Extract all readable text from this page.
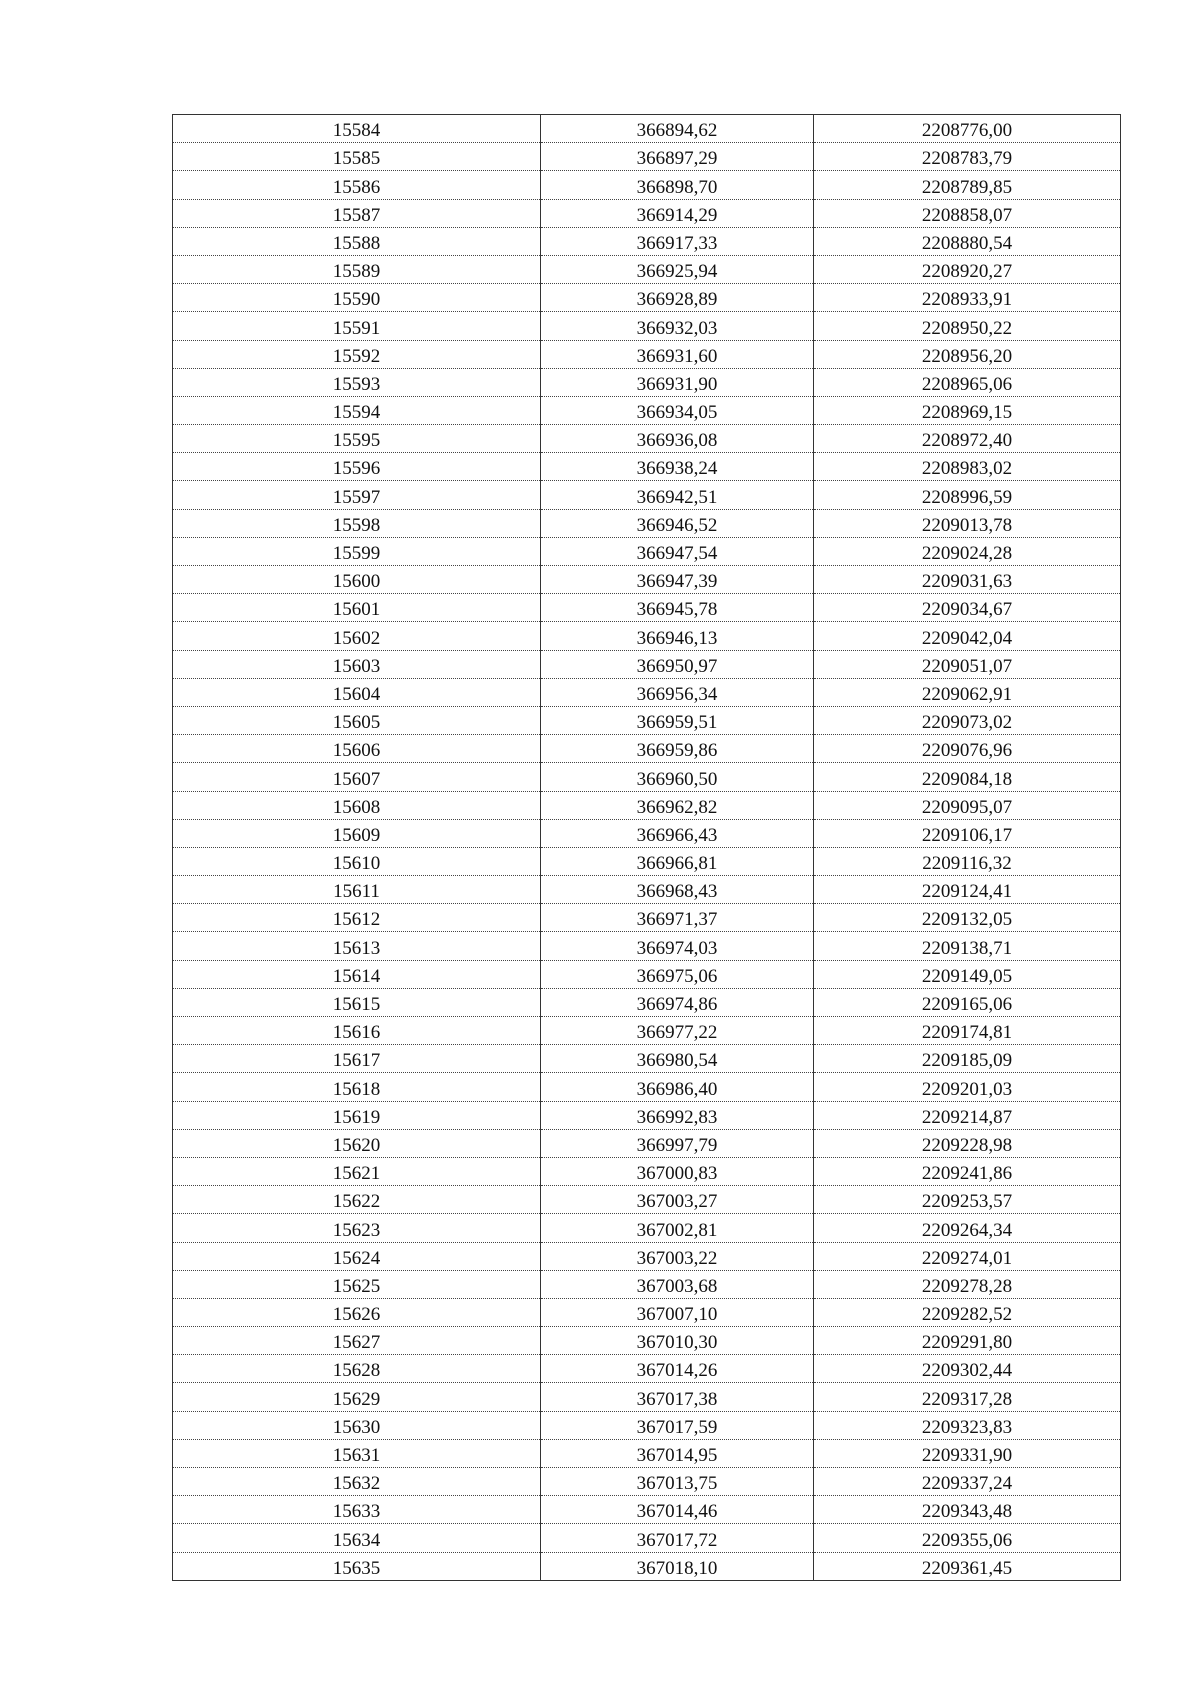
15584	366894,62	2208776,00
15585	366897,29	2208783,79
15586	366898,70	2208789,85
15587	366914,29	2208858,07
15588	366917,33	2208880,54
15589	366925,94	2208920,27
15590	366928,89	2208933,91
15591	366932,03	2208950,22
15592	366931,60	2208956,20
15593	366931,90	2208965,06
15594	366934,05	2208969,15
15595	366936,08	2208972,40
15596	366938,24	2208983,02
15597	366942,51	2208996,59
15598	366946,52	2209013,78
15599	366947,54	2209024,28
15600	366947,39	2209031,63
15601	366945,78	2209034,67
15602	366946,13	2209042,04
15603	366950,97	2209051,07
15604	366956,34	2209062,91
15605	366959,51	2209073,02
15606	366959,86	2209076,96
15607	366960,50	2209084,18
15608	366962,82	2209095,07
15609	366966,43	2209106,17
15610	366966,81	2209116,32
15611	366968,43	2209124,41
15612	366971,37	2209132,05
15613	366974,03	2209138,71
15614	366975,06	2209149,05
15615	366974,86	2209165,06
15616	366977,22	2209174,81
15617	366980,54	2209185,09
15618	366986,40	2209201,03
15619	366992,83	2209214,87
15620	366997,79	2209228,98
15621	367000,83	2209241,86
15622	367003,27	2209253,57
15623	367002,81	2209264,34
15624	367003,22	2209274,01
15625	367003,68	2209278,28
15626	367007,10	2209282,52
15627	367010,30	2209291,80
15628	367014,26	2209302,44
15629	367017,38	2209317,28
15630	367017,59	2209323,83
15631	367014,95	2209331,90
15632	367013,75	2209337,24
15633	367014,46	2209343,48
15634	367017,72	2209355,06
15635	367018,10	2209361,45
